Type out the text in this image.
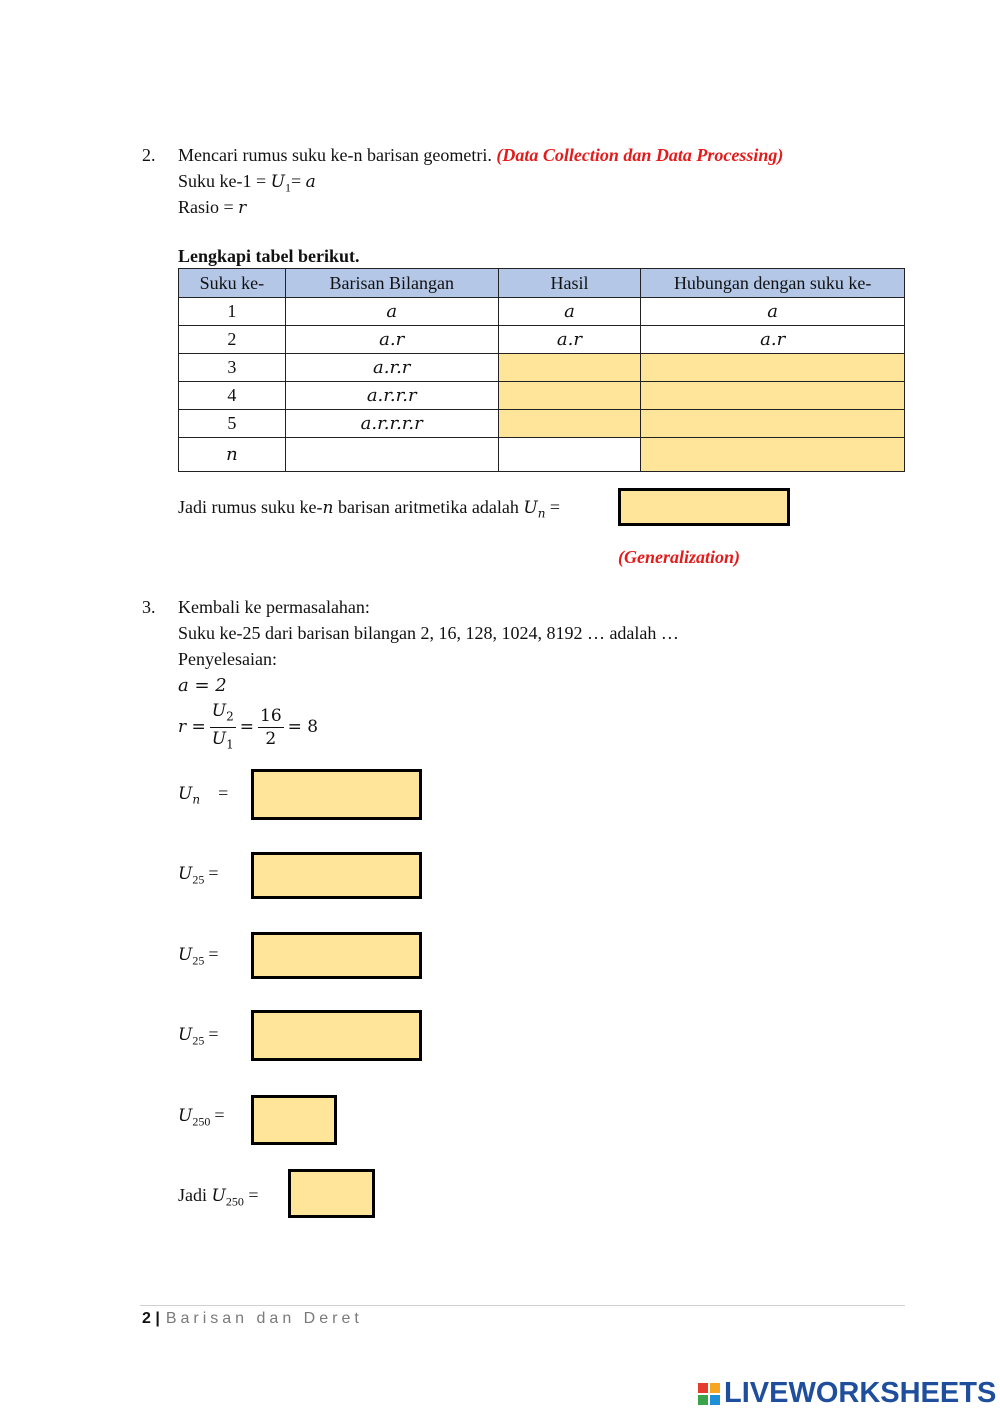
2. Mencari rumus suku ke-n barisan geometri. (Data Collection dan Data Processing)
Suku $ke-1 = U_1= a$
Rasio = r
Lengkapi tabel berikut.
Suku ke-	Barisan Bilangan	Hasil	Hubungan dengan suku ke-
1	a	a	a
2	a.r	a.r	a.r
3	a.r.r		
4	a.r.r.r		
5	a.r.r.r.r		
n			
Jadi rumus suku ke-n barisan aritmetika adalah $U_n$ =
(Generalization)
3. Kembali ke permasalahan:
Suku ke-25 dari barisan bilangan 2, 16, 128, 1024, 8192 … adalah …
Penyelesaian:
a = 2
$r = \frac{U_2}{U_1} = \frac{16}{2} = 8$
$U_n$ =
$U_{25}$ =
$U_{25}$ =
$U_{25}$ =
$U_{250}$ =
Jadi $U_{250}$ =
2 | Barisan dan Deret
LIVEWORKSHEETS
